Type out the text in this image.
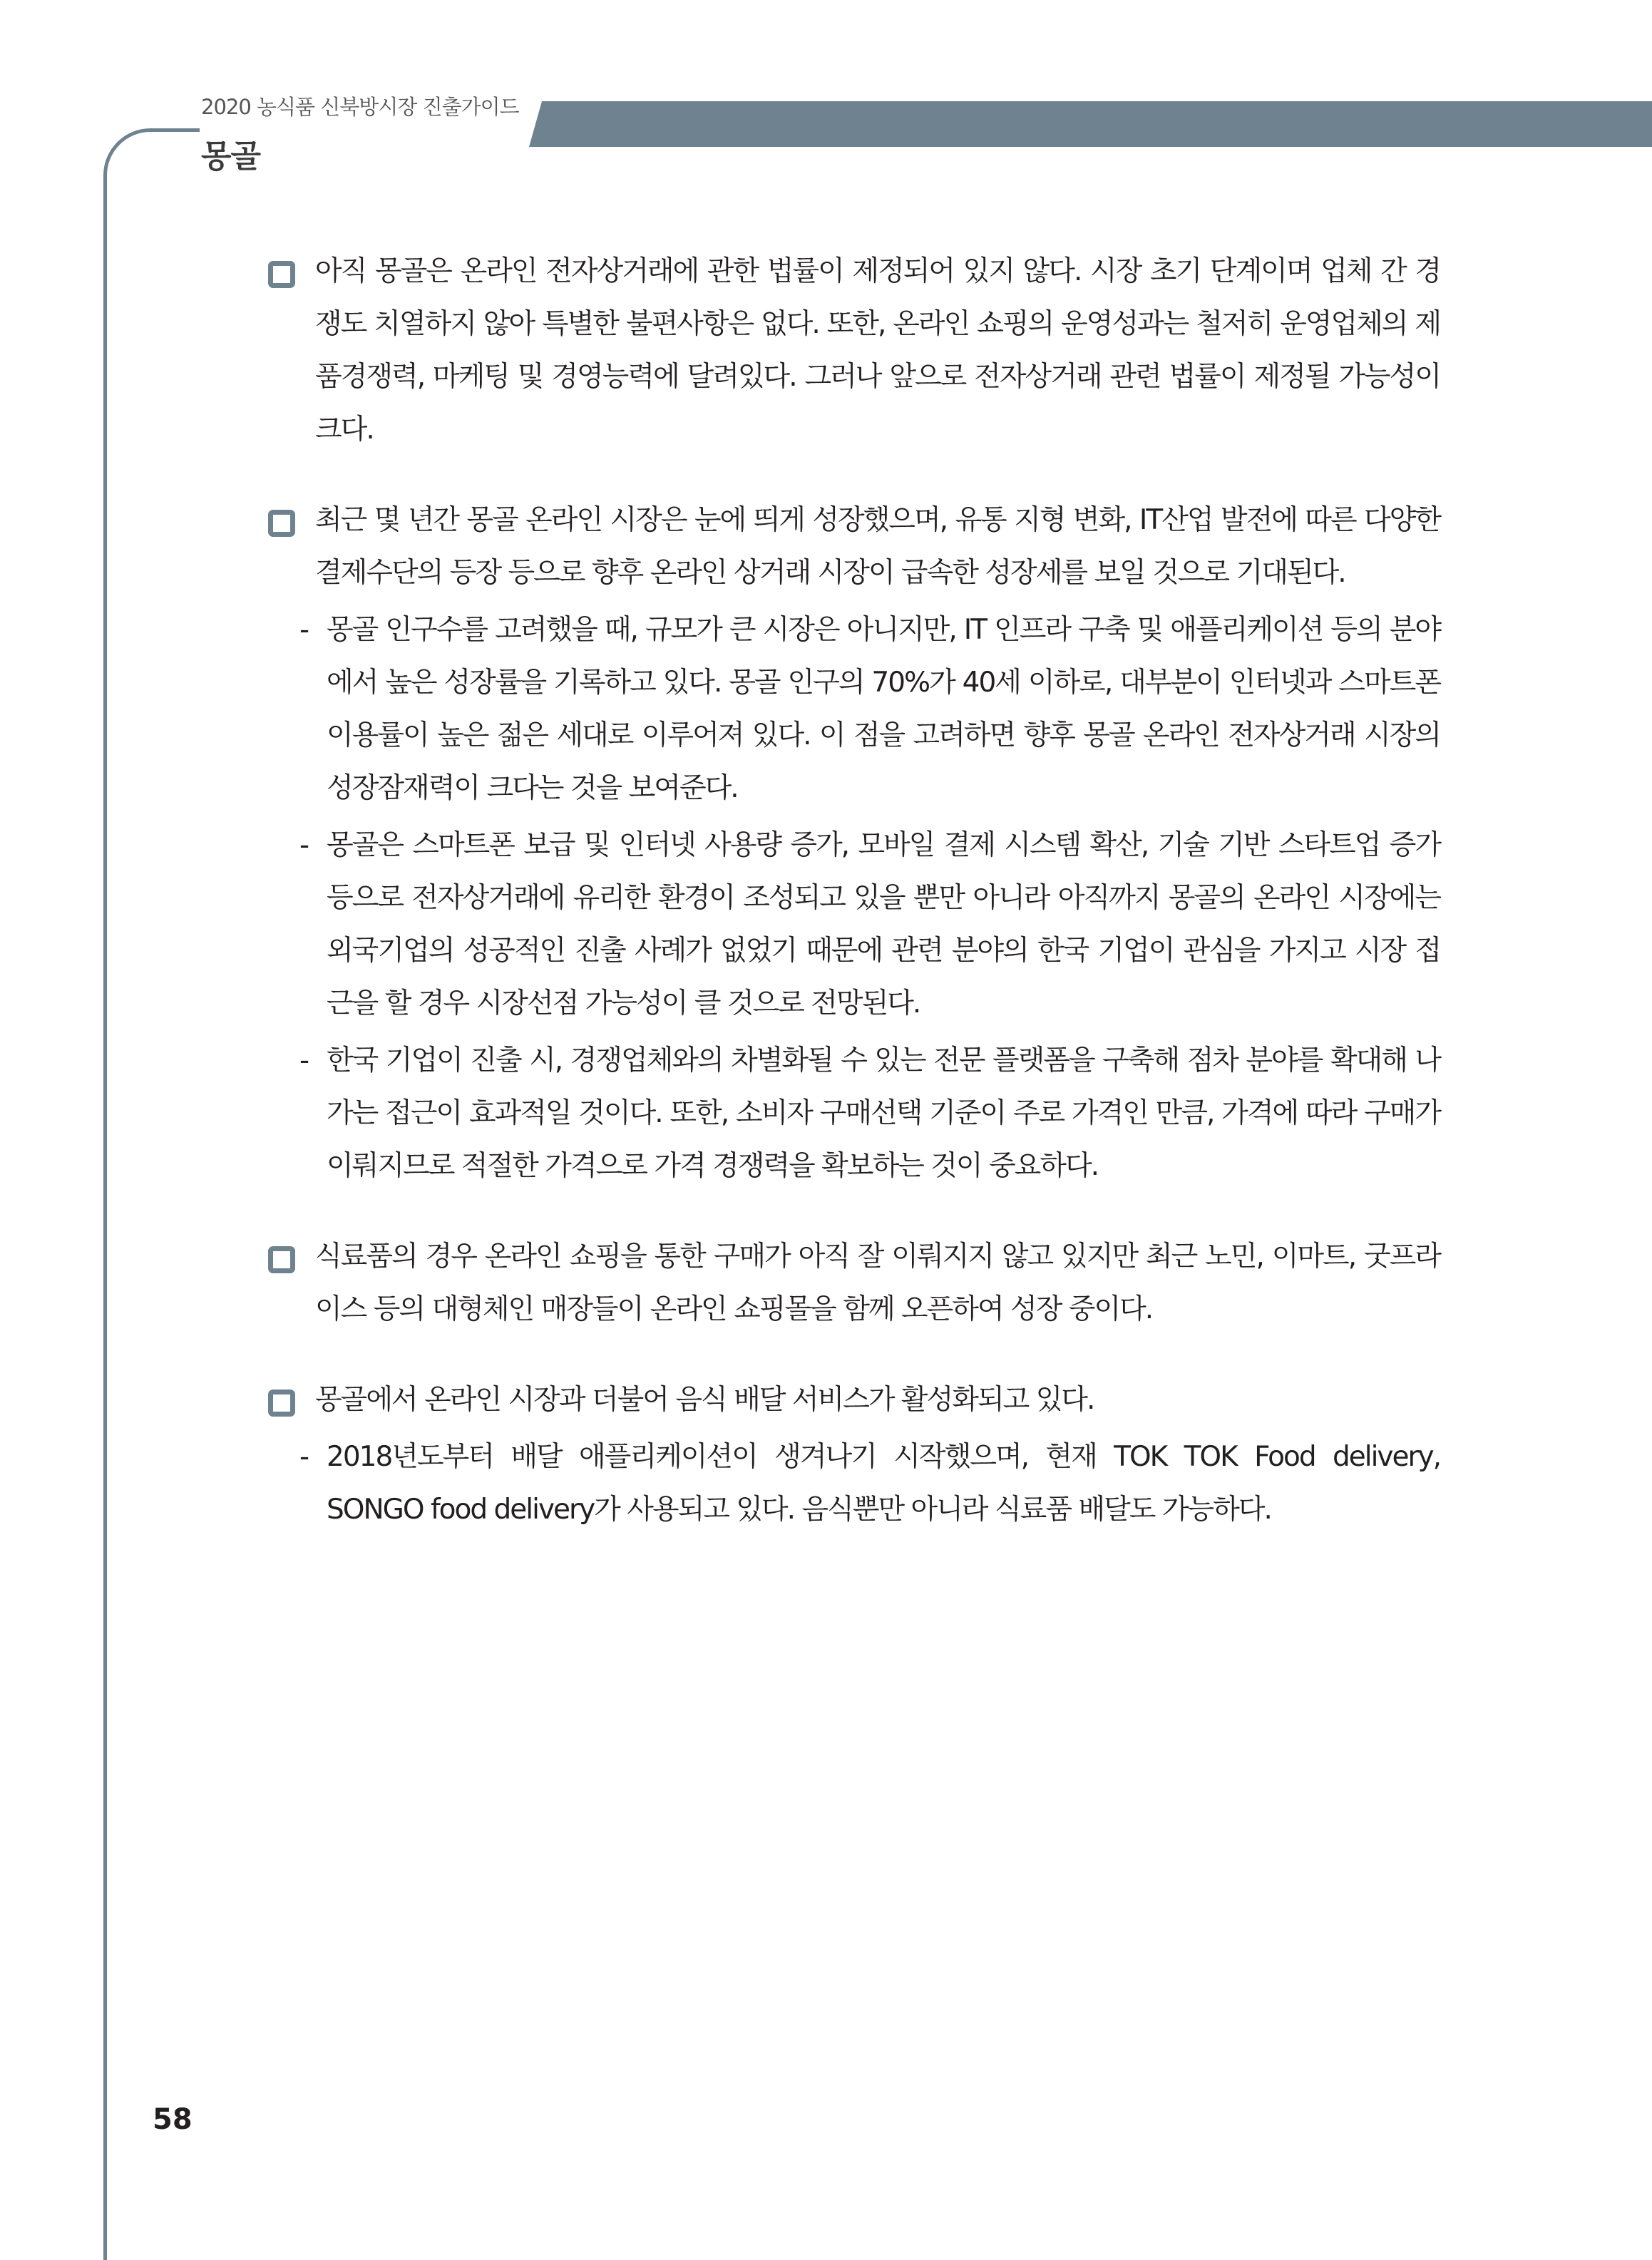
2020 농식품 신북방시장 진출가이드
몽골
아직 몽골은 온라인 전자상거래에 관한 법률이 제정되어 있지 않다. 시장 초기 단계이며 업체 간 경쟁도 치열하지 않아 특별한 불편사항은 없다. 또한, 온라인 쇼핑의 운영성과는 철저히 운영업체의 제품경쟁력, 마케팅 및 경영능력에 달려있다. 그러나 앞으로 전자상거래 관련 법률이 제정될 가능성이 크다.
최근 몇 년간 몽골 온라인 시장은 눈에 띄게 성장했으며, 유통 지형 변화, IT산업 발전에 따른 다양한 결제수단의 등장 등으로 향후 온라인 상거래 시장이 급속한 성장세를 보일 것으로 기대된다.
- 몽골 인구수를 고려했을 때, 규모가 큰 시장은 아니지만, IT 인프라 구축 및 애플리케이션 등의 분야에서 높은 성장률을 기록하고 있다. 몽골 인구의 70%가 40세 이하로, 대부분이 인터넷과 스마트폰 이용률이 높은 젊은 세대로 이루어져 있다. 이 점을 고려하면 향후 몽골 온라인 전자상거래 시장의 성장잠재력이 크다는 것을 보여준다.
- 몽골은 스마트폰 보급 및 인터넷 사용량 증가, 모바일 결제 시스템 확산, 기술 기반 스타트업 증가 등으로 전자상거래에 유리한 환경이 조성되고 있을 뿐만 아니라 아직까지 몽골의 온라인 시장에는 외국기업의 성공적인 진출 사례가 없었기 때문에 관련 분야의 한국 기업이 관심을 가지고 시장 접근을 할 경우 시장선점 가능성이 클 것으로 전망된다.
- 한국 기업이 진출 시, 경쟁업체와의 차별화될 수 있는 전문 플랫폼을 구축해 점차 분야를 확대해 나가는 접근이 효과적일 것이다. 또한, 소비자 구매선택 기준이 주로 가격인 만큼, 가격에 따라 구매가 이뤄지므로 적절한 가격으로 가격 경쟁력을 확보하는 것이 중요하다.
식료품의 경우 온라인 쇼핑을 통한 구매가 아직 잘 이뤄지지 않고 있지만 최근 노민, 이마트, 굿프라이스 등의 대형체인 매장들이 온라인 쇼핑몰을 함께 오픈하여 성장 중이다.
몽골에서 온라인 시장과 더불어 음식 배달 서비스가 활성화되고 있다.
- 2018년도부터 배달 애플리케이션이 생겨나기 시작했으며, 현재 TOK TOK Food delivery, SONGO food delivery가 사용되고 있다. 음식뿐만 아니라 식료품 배달도 가능하다.
58
